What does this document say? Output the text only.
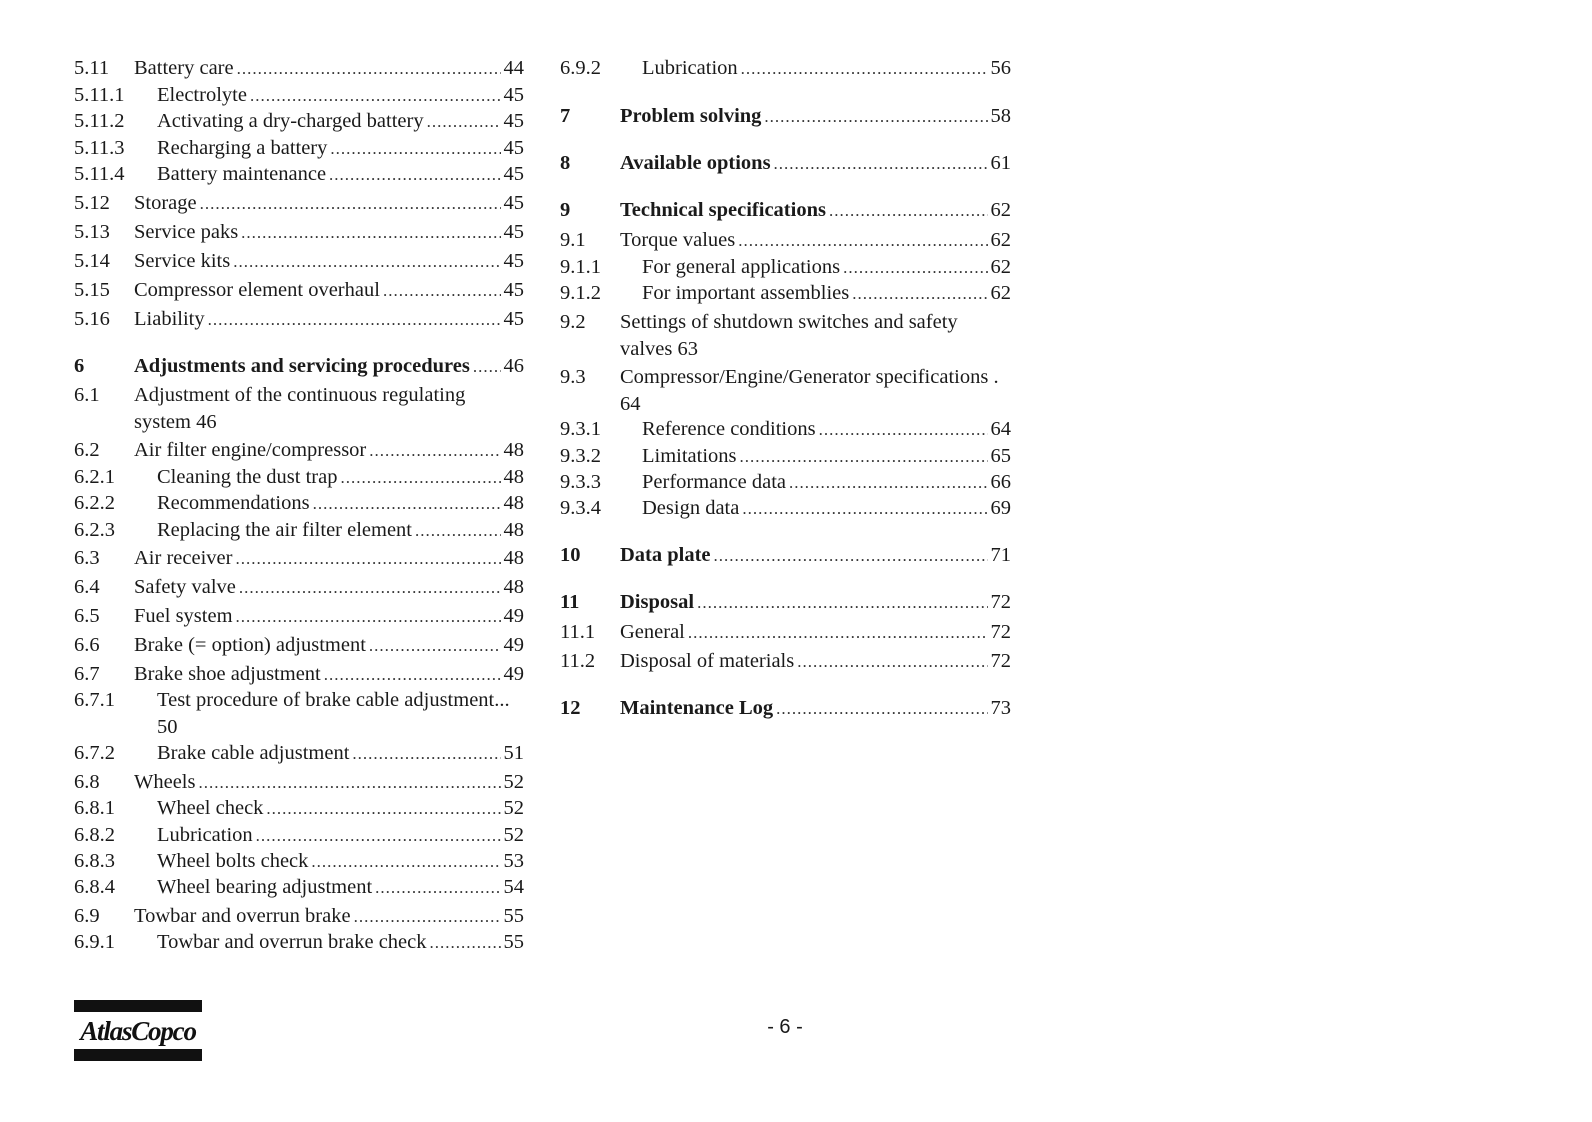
5.11 Battery care .....	44
5.11.1 Electrolyte .....	45
5.11.2 Activating a dry-charged battery .....	45
5.11.3 Recharging a battery .....	45
5.11.4 Battery maintenance .....	45
5.12 Storage .....	45
5.13 Service paks .....	45
5.14 Service kits .....	45
5.15 Compressor element overhaul .....	45
5.16 Liability .....	45
6 Adjustments and servicing procedures ..... 46
6.1 Adjustment of the continuous regulating system 46
6.2 Air filter engine/compressor .....	48
6.2.1 Cleaning the dust trap .....	48
6.2.2 Recommendations .....	48
6.2.3 Replacing the air filter element .....	48
6.3 Air receiver .....	48
6.4 Safety valve .....	48
6.5 Fuel system .....	49
6.6 Brake (= option) adjustment .....	49
6.7 Brake shoe adjustment .....	49
6.7.1 Test procedure of brake cable adjustment... 50
6.7.2 Brake cable adjustment .....	51
6.8 Wheels .....	52
6.8.1 Wheel check .....	52
6.8.2 Lubrication .....	52
6.8.3 Wheel bolts check .....	53
6.8.4 Wheel bearing adjustment .....	54
6.9 Towbar and overrun brake .....	55
6.9.1 Towbar and overrun brake check .....	55
6.9.2 Lubrication .....	56
7 Problem solving .....	58
8 Available options .....	61
9 Technical specifications .....	62
9.1 Torque values .....	62
9.1.1 For general applications .....	62
9.1.2 For important assemblies .....	62
9.2 Settings of shutdown switches and safety valves 63
9.3 Compressor/Engine/Generator specifications . 64
9.3.1 Reference conditions .....	64
9.3.2 Limitations .....	65
9.3.3 Performance data .....	66
9.3.4 Design data .....	69
10 Data plate .....	71
11 Disposal .....	72
11.1 General .....	72
11.2 Disposal of materials .....	72
12 Maintenance Log .....	73
AtlasCopco	- 6 -
